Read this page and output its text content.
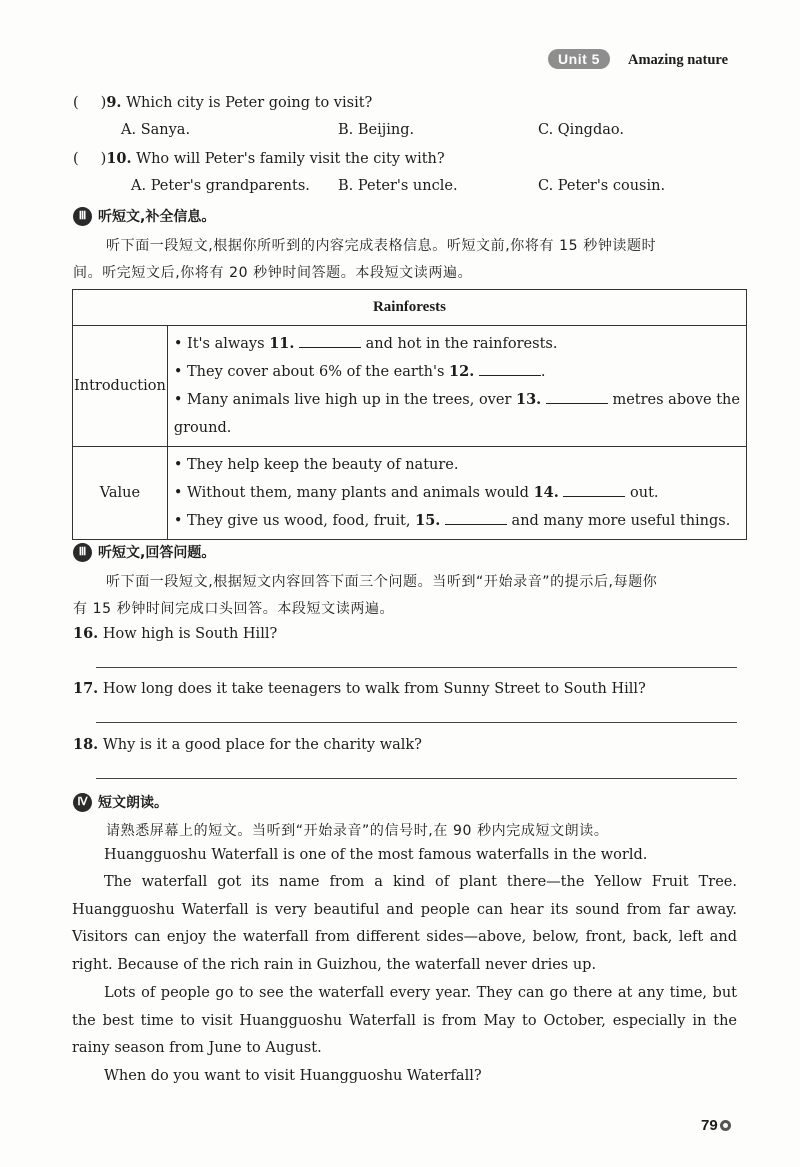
Unit 5	Amazing nature
( )9. Which city is Peter going to visit?
A. Sanya.	B. Beijing.	C. Qingdao.
( )10. Who will Peter's family visit the city with?
A. Peter's grandparents. B. Peter's uncle.	C. Peter's cousin.
Ⅲ 听短文,补全信息。
听下面一段短文,根据你所听到的内容完成表格信息。听短文前,你将有 15 秒钟读题时
间。听完短文后,你将有 20 秒钟时间答题。本段短文读两遍。
Rainforests	
Introduction	• It's always 11. and hot in the rainforests.
• They cover about 6% of the earth's 12. .
• Many animals live high up in the trees, over 13. metres above the
ground.

Value	• They help keep the beauty of nature.
• Without them, many plants and animals would 14. out.
• They give us wood, food, fruit, 15. and many more useful things.
Ⅲ 听短文,回答问题。
听下面一段短文,根据短文内容回答下面三个问题。当听到“开始录音”的提示后,每题你
有 15 秒钟时间完成口头回答。本段短文读两遍。
16. How high is South Hill?
17. How long does it take teenagers to walk from Sunny Street to South Hill?
18. Why is it a good place for the charity walk?
Ⅳ 短文朗读。
请熟悉屏幕上的短文。当听到“开始录音”的信号时,在 90 秒内完成短文朗读。
Huangguoshu Waterfall is one of the most famous waterfalls in the world.
The waterfall got its name from a kind of plant there—the Yellow Fruit Tree. Huangguoshu Waterfall is very beautiful and people can hear its sound from far away. Visitors can enjoy the waterfall from different sides—above, below, front, back, left and right. Because of the rich rain in Guizhou, the waterfall never dries up.
Lots of people go to see the waterfall every year. They can go there at any time, but the best time to visit Huangguoshu Waterfall is from May to October, especially in the rainy season from June to August.
When do you want to visit Huangguoshu Waterfall?
79
